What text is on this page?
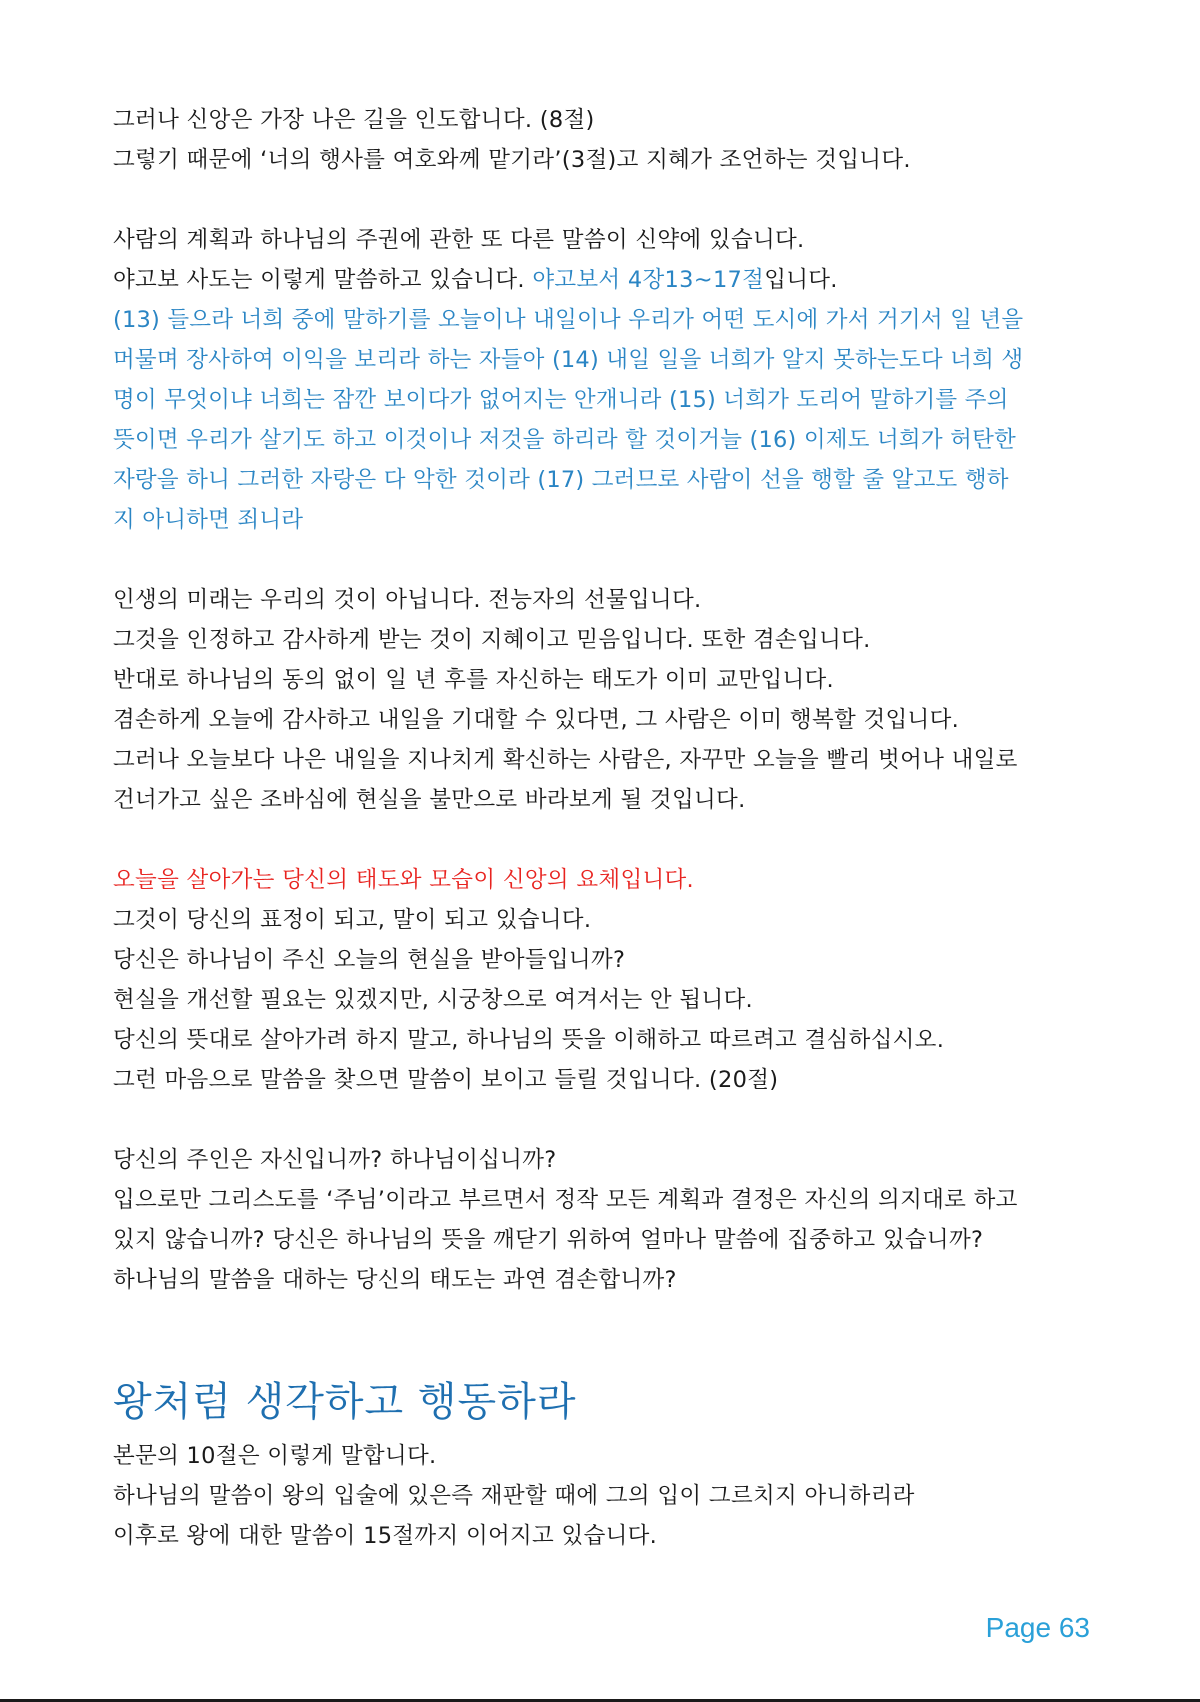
그러나 신앙은 가장 나은 길을 인도합니다. (8절)
그렇기 때문에 ‘너의 행사를 여호와께 맡기라’(3절)고 지혜가 조언하는 것입니다.
사람의 계획과 하나님의 주권에 관한 또 다른 말씀이 신약에 있습니다.
야고보 사도는 이렇게 말씀하고 있습니다. 야고보서 4장13~17절입니다.
(13) 들으라 너희 중에 말하기를 오늘이나 내일이나 우리가 어떤 도시에 가서 거기서 일 년을
머물며 장사하여 이익을 보리라 하는 자들아 (14) 내일 일을 너희가 알지 못하는도다 너희 생
명이 무엇이냐 너희는 잠깐 보이다가 없어지는 안개니라 (15) 너희가 도리어 말하기를 주의
뜻이면 우리가 살기도 하고 이것이나 저것을 하리라 할 것이거늘 (16) 이제도 너희가 허탄한
자랑을 하니 그러한 자랑은 다 악한 것이라 (17) 그러므로 사람이 선을 행할 줄 알고도 행하
지 아니하면 죄니라
인생의 미래는 우리의 것이 아닙니다. 전능자의 선물입니다.
그것을 인정하고 감사하게 받는 것이 지혜이고 믿음입니다. 또한 겸손입니다.
반대로 하나님의 동의 없이 일 년 후를 자신하는 태도가 이미 교만입니다.
겸손하게 오늘에 감사하고 내일을 기대할 수 있다면, 그 사람은 이미 행복할 것입니다.
그러나 오늘보다 나은 내일을 지나치게 확신하는 사람은, 자꾸만 오늘을 빨리 벗어나 내일로
건너가고 싶은 조바심에 현실을 불만으로 바라보게 될 것입니다.
오늘을 살아가는 당신의 태도와 모습이 신앙의 요체입니다.
그것이 당신의 표정이 되고, 말이 되고 있습니다.
당신은 하나님이 주신 오늘의 현실을 받아들입니까?
현실을 개선할 필요는 있겠지만, 시궁창으로 여겨서는 안 됩니다.
당신의 뜻대로 살아가려 하지 말고, 하나님의 뜻을 이해하고 따르려고 결심하십시오.
그런 마음으로 말씀을 찾으면 말씀이 보이고 들릴 것입니다. (20절)
당신의 주인은 자신입니까? 하나님이십니까?
입으로만 그리스도를 ‘주님’이라고 부르면서 정작 모든 계획과 결정은 자신의 의지대로 하고
있지 않습니까? 당신은 하나님의 뜻을 깨닫기 위하여 얼마나 말씀에 집중하고 있습니까?
하나님의 말씀을 대하는 당신의 태도는 과연 겸손합니까?
왕처럼 생각하고 행동하라
본문의 10절은 이렇게 말합니다.
하나님의 말씀이 왕의 입술에 있은즉 재판할 때에 그의 입이 그르치지 아니하리라
이후로 왕에 대한 말씀이 15절까지 이어지고 있습니다.
Page 63
